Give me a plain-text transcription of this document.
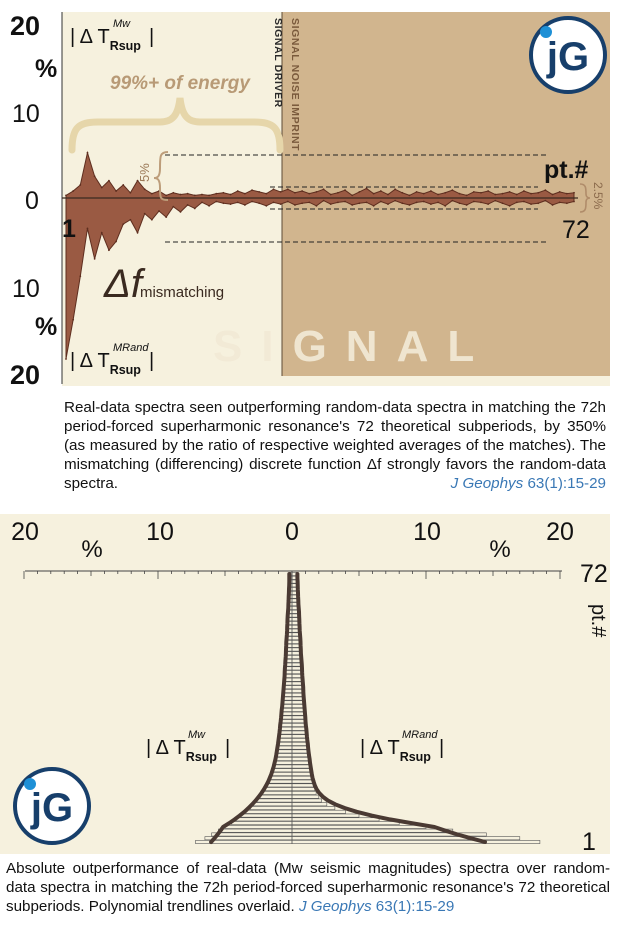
SIGNAL DRIVER SIGNAL NOISE IMPRINT
20
%
10
0
10
%
20
| Δ $T_{Rsup}$ |
Mw
| Δ $T_{Rsup}$ |
MRand
99%+ of energy
5%
2.5%
pt.#
1	72
Δfmismatching
SIGNAL
jG
Real-data spectra seen outperforming random-data spectra in matching the 72h period-forced superharmonic resonance's 72 theoretical subperiods, by 350% (as measured by the ratio of respective weighted averages of the matches). The mismatching (differencing) discrete function Δf strongly favors the random-data spectra.	J Geophys 63(1):15-29
20	10	0	10	20
%	%
72
pt.#
1
| Δ $T_{Rsup}$ |
Mw
| Δ $T_{Rsup}$ |
MRand
jG
Absolute outperformance of real-data (Mw seismic magnitudes) spectra over random-data spectra in matching the 72h period-forced superharmonic resonance's 72 theoretical subperiods. Polynomial trendlines overlaid. J Geophys 63(1):15-29
